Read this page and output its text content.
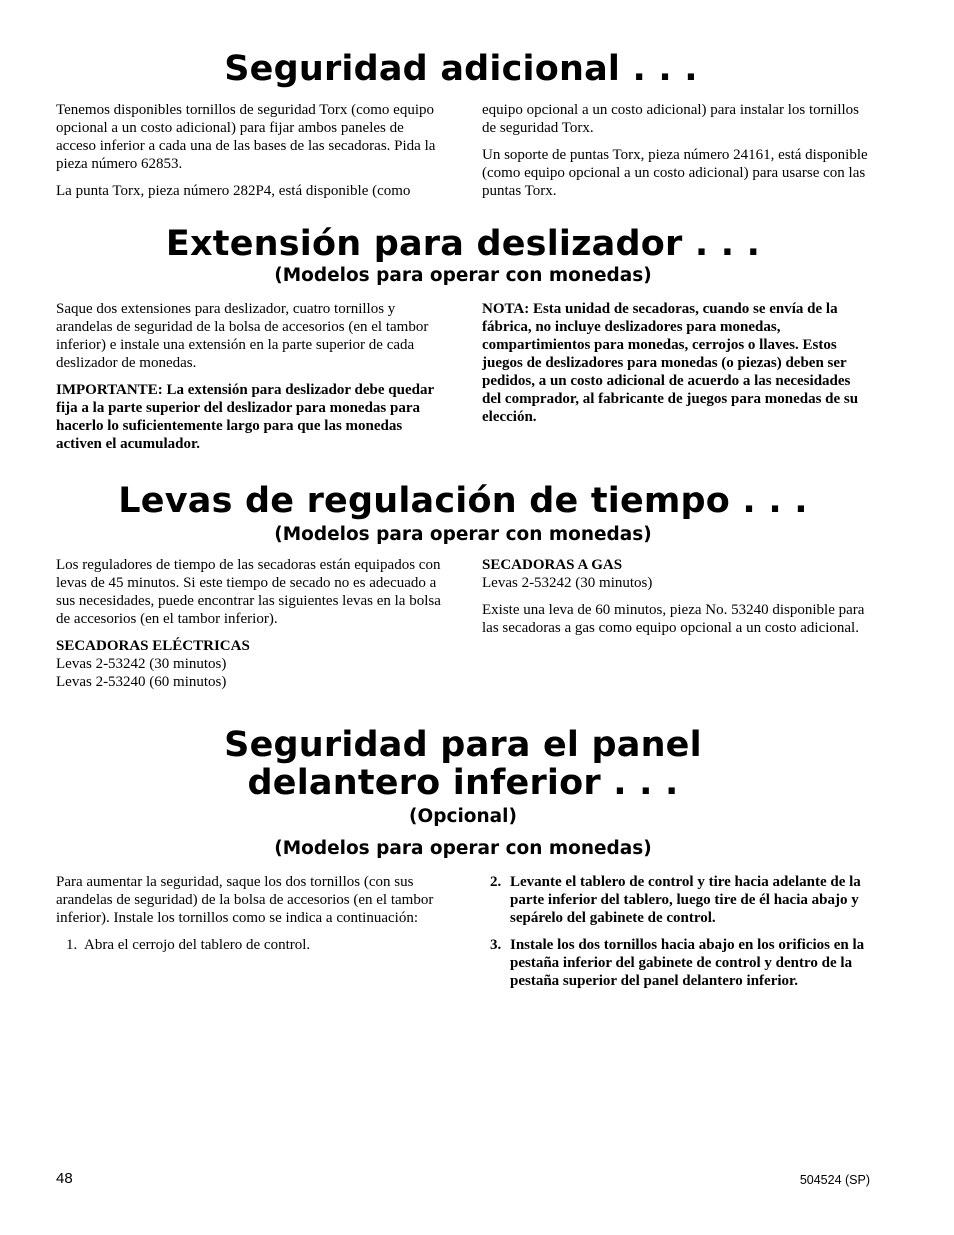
Seguridad adicional . . .

Tenemos disponibles tornillos de seguridad Torx (como equipo opcional a un costo adicional) para fijar ambos paneles de acceso inferior a cada una de las bases de las secadoras. Pida la pieza número 62853.

La punta Torx, pieza número 282P4, está disponible (como

equipo opcional a un costo adicional) para instalar los tornillos de seguridad Torx.

Un soporte de puntas Torx, pieza número 24161, está disponible (como equipo opcional a un costo adicional) para usarse con las puntas Torx.

Extensión para deslizador . . .
(Modelos para operar con monedas)

Saque dos extensiones para deslizador, cuatro tornillos y arandelas de seguridad de la bolsa de accesorios (en el tambor inferior) e instale una extensión en la parte superior de cada deslizador de monedas.

IMPORTANTE: La extensión para deslizador debe quedar fija a la parte superior del deslizador para monedas para hacerlo lo suficientemente largo para que las monedas activen el acumulador.

NOTA: Esta unidad de secadoras, cuando se envía de la fábrica, no incluye deslizadores para monedas, compartimientos para monedas, cerrojos o llaves. Estos juegos de deslizadores para monedas (o piezas) deben ser pedidos, a un costo adicional de acuerdo a las necesidades del comprador, al fabricante de juegos para monedas de su elección.

Levas de regulación de tiempo . . .
(Modelos para operar con monedas)

Los reguladores de tiempo de las secadoras están equipados con levas de 45 minutos. Si este tiempo de secado no es adecuado a sus necesidades, puede encontrar las siguientes levas en la bolsa de accesorios (en el tambor inferior).

SECADORAS ELÉCTRICAS

Levas 2-53242 (30 minutos)

Levas 2-53240 (60 minutos)

SECADORAS A GAS

Levas 2-53242 (30 minutos)

Existe una leva de 60 minutos, pieza No. 53240 disponible para las secadoras a gas como equipo opcional a un costo adicional.

Seguridad para el panel
delantero inferior . . .
(Opcional)
(Modelos para operar con monedas)

Para aumentar la seguridad, saque los dos tornillos (con sus arandelas de seguridad) de la bolsa de accesorios (en el tambor inferior). Instale los tornillos como se indica a continuación:

1. Abra el cerrojo del tablero de control.
2. Levante el tablero de control y tire hacia adelante de la parte inferior del tablero, luego tire de él hacia abajo y sepárelo del gabinete de control.
3. Instale los dos tornillos hacia abajo en los orificios en la pestaña inferior del gabinete de control y dentro de la pestaña superior del panel delantero inferior.
48	504524 (SP)
